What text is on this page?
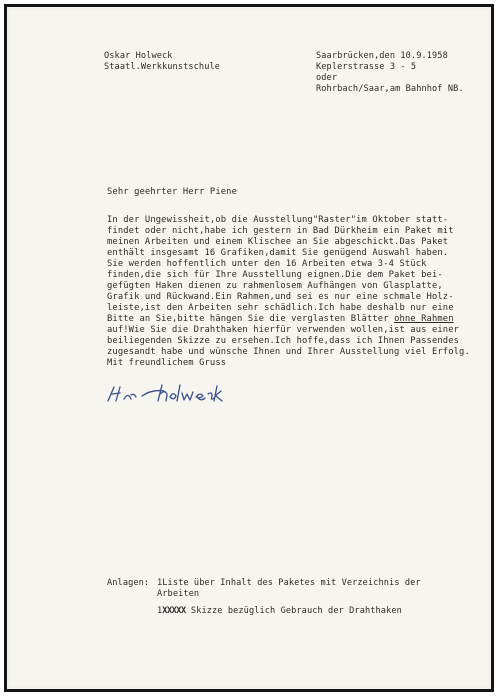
Oskar Holweck
Staatl.Werkkunstschule
Saarbrücken,den 10.9.1958
Keplerstrasse 3 - 5
oder
Rohrbach/Saar,am Bahnhof NB.
Sehr geehrter Herr Piene
In der Ungewissheit,ob die Ausstellung"Raster"im Oktober statt-
findet oder nicht,habe ich gestern in Bad Dürkheim ein Paket mit
meinen Arbeiten und einem Klischee an Sie abgeschickt.Das Paket
enthält insgesamt 16 Grafiken,damit Sie genügend Auswahl haben.
Sie werden hoffentlich unter den 16 Arbeiten etwa 3-4 Stück
finden,die sich für Ihre Ausstellung eignen.Die dem Paket bei-
gefügten Haken dienen zu rahmenlosem Aufhängen von Glasplatte,
Grafik und Rückwand.Ein Rahmen,und sei es nur eine schmale Holz-
leiste,ist den Arbeiten sehr schädlich.Ich habe deshalb nur eine
Bitte an Sie,bitte hängen Sie die verglasten Blätter ohne Rahmen
auf!Wie Sie die Drahthaken hierfür verwenden wollen,ist aus einer
beiliegenden Skizze zu ersehen.Ich hoffe,dass ich Ihnen Passendes
zugesandt habe und wünsche Ihnen und Ihrer Ausstellung viel Erfolg.
Mit freundlichem Gruss
Anlagen: 1Liste über Inhalt des Paketes mit Verzeichnis der
Arbeiten
1XXXXX Skizze bezüglich Gebrauch der Drahthaken
